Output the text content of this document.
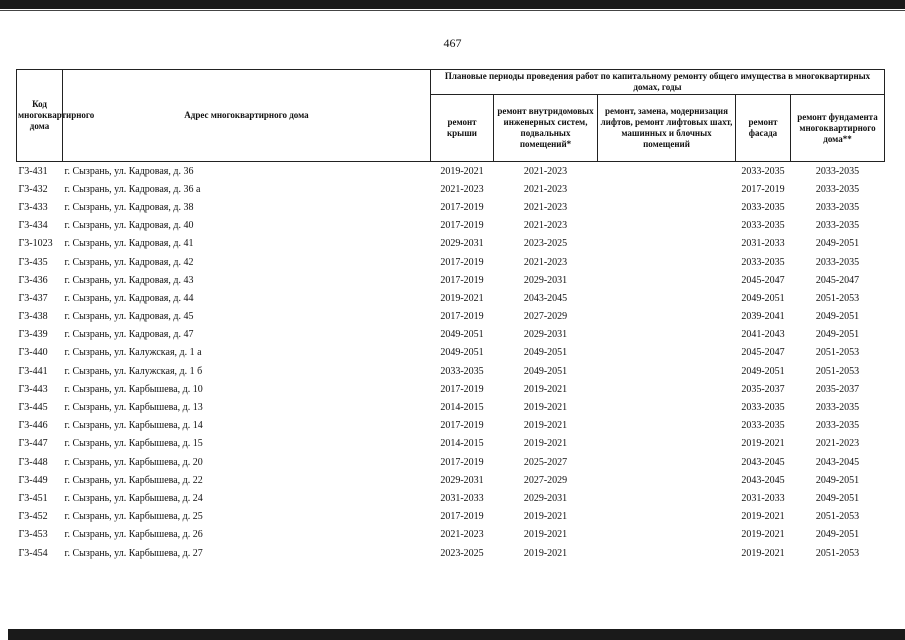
467
Код многоквартирного дома	Адрес многоквартирного дома	Плановые периоды проведения работ по капитальному ремонту общего имущества в многоквартирных домах, годы				
		ремонт крыши	ремонт внутридомовых инженерных систем, подвальных помещений*	ремонт, замена, модернизация лифтов, ремонт лифтовых шахт, машинных и блочных помещений	ремонт фасада	ремонт фундамента многоквартирного дома**
Г3-431	г. Сызрань, ул. Кадровая, д. 36	2019-2021	2021-2023		2033-2035	2033-2035
Г3-432	г. Сызрань, ул. Кадровая, д. 36 а	2021-2023	2021-2023		2017-2019	2033-2035
Г3-433	г. Сызрань, ул. Кадровая, д. 38	2017-2019	2021-2023		2033-2035	2033-2035
Г3-434	г. Сызрань, ул. Кадровая, д. 40	2017-2019	2021-2023		2033-2035	2033-2035
Г3-1023	г. Сызрань, ул. Кадровая, д. 41	2029-2031	2023-2025		2031-2033	2049-2051
Г3-435	г. Сызрань, ул. Кадровая, д. 42	2017-2019	2021-2023		2033-2035	2033-2035
Г3-436	г. Сызрань, ул. Кадровая, д. 43	2017-2019	2029-2031		2045-2047	2045-2047
Г3-437	г. Сызрань, ул. Кадровая, д. 44	2019-2021	2043-2045		2049-2051	2051-2053
Г3-438	г. Сызрань, ул. Кадровая, д. 45	2017-2019	2027-2029		2039-2041	2049-2051
Г3-439	г. Сызрань, ул. Кадровая, д. 47	2049-2051	2029-2031		2041-2043	2049-2051
Г3-440	г. Сызрань, ул. Калужская, д. 1 а	2049-2051	2049-2051		2045-2047	2051-2053
Г3-441	г. Сызрань, ул. Калужская, д. 1 б	2033-2035	2049-2051		2049-2051	2051-2053
Г3-443	г. Сызрань, ул. Карбышева, д. 10	2017-2019	2019-2021		2035-2037	2035-2037
Г3-445	г. Сызрань, ул. Карбышева, д. 13	2014-2015	2019-2021		2033-2035	2033-2035
Г3-446	г. Сызрань, ул. Карбышева, д. 14	2017-2019	2019-2021		2033-2035	2033-2035
Г3-447	г. Сызрань, ул. Карбышева, д. 15	2014-2015	2019-2021		2019-2021	2021-2023
Г3-448	г. Сызрань, ул. Карбышева, д. 20	2017-2019	2025-2027		2043-2045	2043-2045
Г3-449	г. Сызрань, ул. Карбышева, д. 22	2029-2031	2027-2029		2043-2045	2049-2051
Г3-451	г. Сызрань, ул. Карбышева, д. 24	2031-2033	2029-2031		2031-2033	2049-2051
Г3-452	г. Сызрань, ул. Карбышева, д. 25	2017-2019	2019-2021		2019-2021	2051-2053
Г3-453	г. Сызрань, ул. Карбышева, д. 26	2021-2023	2019-2021		2019-2021	2049-2051
Г3-454	г. Сызрань, ул. Карбышева, д. 27	2023-2025	2019-2021		2019-2021	2051-2053
